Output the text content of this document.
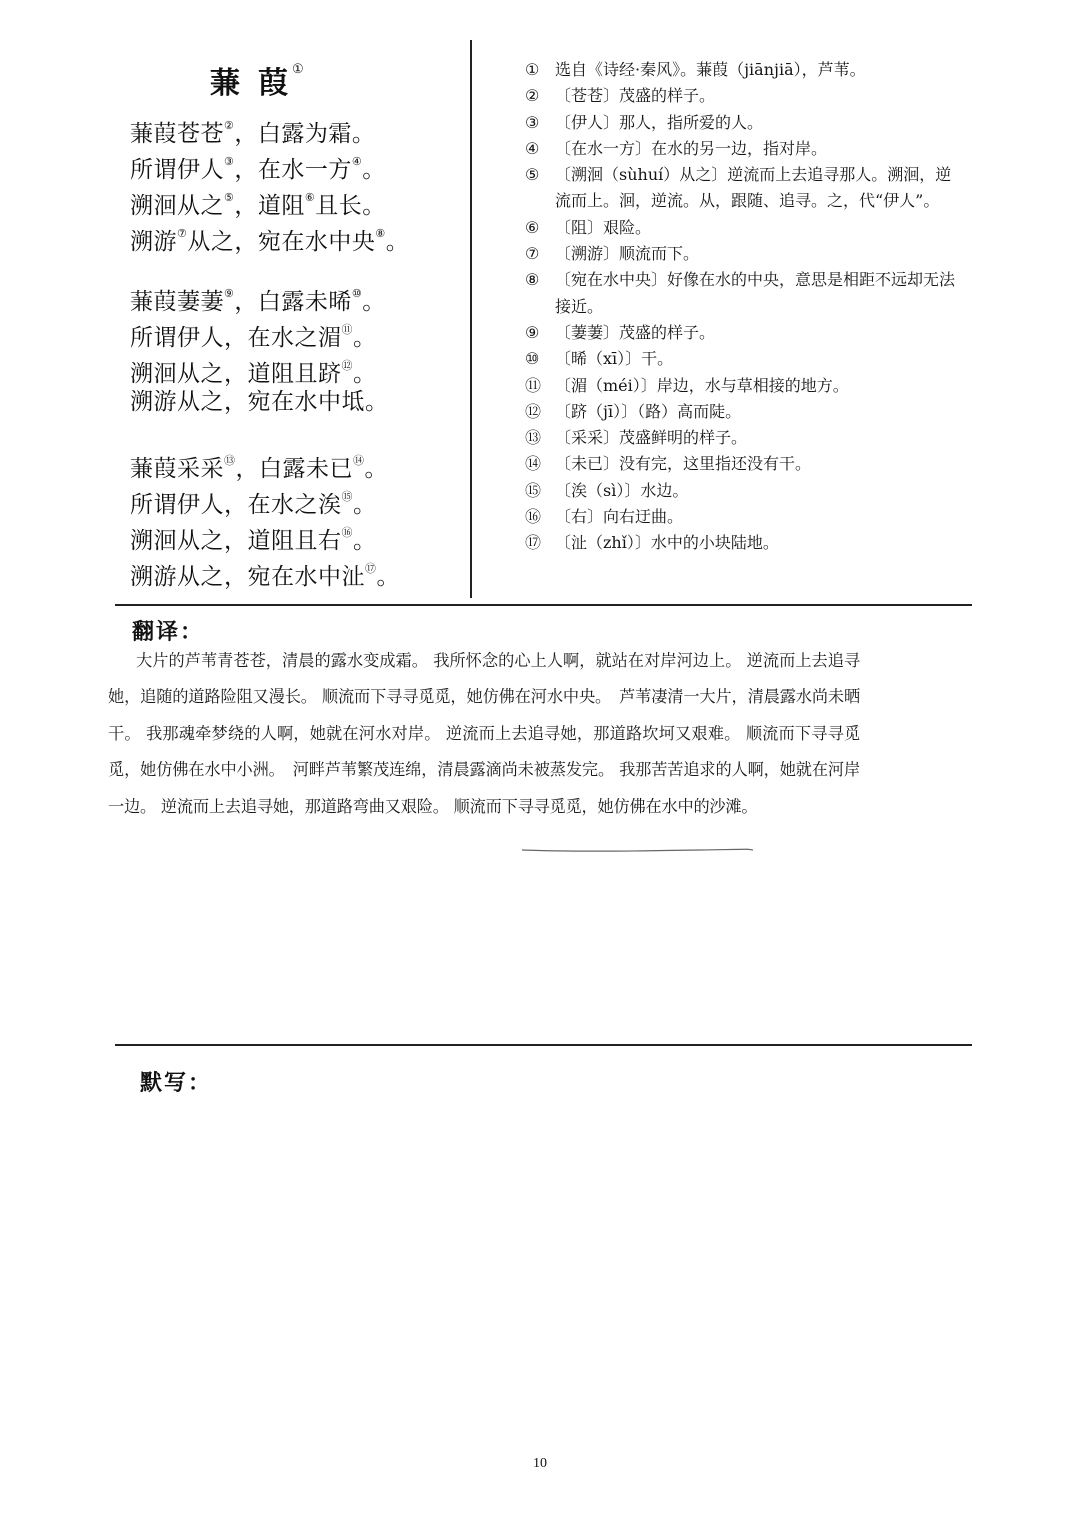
蒹 葭 ①
蒹葭苍苍②，白露为霜。
所谓伊人③，在水一方④。
溯洄从之⑤，道阻⑥且长。
溯游⑦从之，宛在水中央⑧。
蒹葭萋萋⑨，白露未晞⑩。
所谓伊人，在水之湄⑪。
溯洄从之，道阻且跻⑫。
溯游从之，宛在水中坻。
蒹葭采采⑬，白露未已⑭。
所谓伊人，在水之涘⑮。
溯洄从之，道阻且右⑯。
溯游从之，宛在水中沚⑰。
① 选自《诗经·秦风》。蒹葭（jiānjiā），芦苇。
② 〔苍苍〕茂盛的样子。
③ 〔伊人〕那人，指所爱的人。
④ 〔在水一方〕在水的另一边，指对岸。
⑤ 〔溯洄（sùhuí）从之〕逆流而上去追寻那人。溯洄，逆流而上。洄，逆流。从，跟随、追寻。之，代“伊人”。
⑥ 〔阻〕艰险。
⑦ 〔溯游〕顺流而下。
⑧ 〔宛在水中央〕好像在水的中央，意思是相距不远却无法接近。
⑨ 〔萋萋〕茂盛的样子。
⑩ 〔晞（xī）〕干。
⑪ 〔湄（méi）〕岸边，水与草相接的地方。
⑫ 〔跻（jī）〕（路）高而陡。
⑬ 〔采采〕茂盛鲜明的样子。
⑭ 〔未已〕没有完，这里指还没有干。
⑮ 〔涘（sì）〕水边。
⑯ 〔右〕向右迂曲。
⑰ 〔沚（zhǐ）〕水中的小块陆地。
翻译：
大片的芦苇青苍苍，清晨的露水变成霜。 我所怀念的心上人啊，就站在对岸河边上。 逆流而上去追寻她，追随的道路险阻又漫长。 顺流而下寻寻觅觅，她仿佛在河水中央。　芦苇凄清一大片，清晨露水尚未晒干。 我那魂牵梦绕的人啊，她就在河水对岸。 逆流而上去追寻她，那道路坎坷又艰难。 顺流而下寻寻觅觅，她仿佛在水中小洲。　河畔芦苇繁茂连绵，清晨露滴尚未被蒸发完。 我那苦苦追求的人啊，她就在河岸一边。 逆流而上去追寻她，那道路弯曲又艰险。 顺流而下寻寻觅觅，她仿佛在水中的沙滩。
默写：
10
